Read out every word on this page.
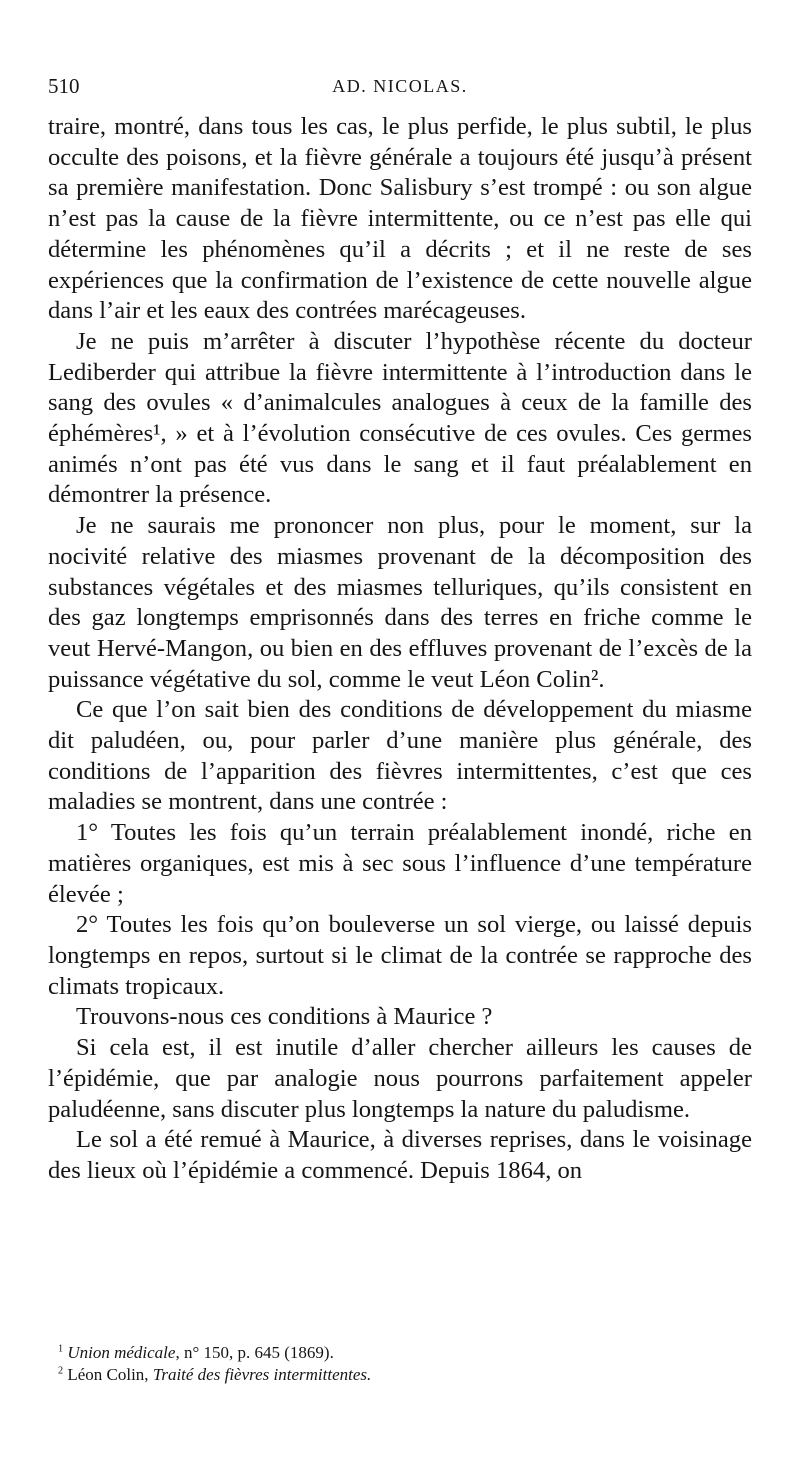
510	AD. NICOLAS.

traire, montré, dans tous les cas, le plus perfide, le plus subtil, le plus occulte des poisons, et la fièvre générale a toujours été jusqu’à présent sa première manifestation. Donc Salisbury s’est trompé : ou son algue n’est pas la cause de la fièvre intermittente, ou ce n’est pas elle qui détermine les phénomènes qu’il a décrits ; et il ne reste de ses expériences que la confirmation de l’existence de cette nouvelle algue dans l’air et les eaux des contrées marécageuses.

Je ne puis m’arrêter à discuter l’hypothèse récente du docteur Lediberder qui attribue la fièvre intermittente à l’introduction dans le sang des ovules « d’animalcules analogues à ceux de la famille des éphémères¹, » et à l’évolution consécutive de ces ovules. Ces germes animés n’ont pas été vus dans le sang et il faut préalablement en démontrer la présence.

Je ne saurais me prononcer non plus, pour le moment, sur la nocivité relative des miasmes provenant de la décomposition des substances végétales et des miasmes telluriques, qu’ils consistent en des gaz longtemps emprisonnés dans des terres en friche comme le veut Hervé-Mangon, ou bien en des effluves provenant de l’excès de la puissance végétative du sol, comme le veut Léon Colin².

Ce que l’on sait bien des conditions de développement du miasme dit paludéen, ou, pour parler d’une manière plus générale, des conditions de l’apparition des fièvres intermittentes, c’est que ces maladies se montrent, dans une contrée :

1° Toutes les fois qu’un terrain préalablement inondé, riche en matières organiques, est mis à sec sous l’influence d’une température élevée ;

2° Toutes les fois qu’on bouleverse un sol vierge, ou laissé depuis longtemps en repos, surtout si le climat de la contrée se rapproche des climats tropicaux.

Trouvons-nous ces conditions à Maurice ?

Si cela est, il est inutile d’aller chercher ailleurs les causes de l’épidémie, que par analogie nous pourrons parfaitement appeler paludéenne, sans discuter plus longtemps la nature du paludisme.

Le sol a été remué à Maurice, à diverses reprises, dans le voisinage des lieux où l’épidémie a commencé. Depuis 1864, on

$^1$ Union médicale, n° 150, p. 645 (1869).

$^2$ Léon Colin, Traité des fièvres intermittentes.
